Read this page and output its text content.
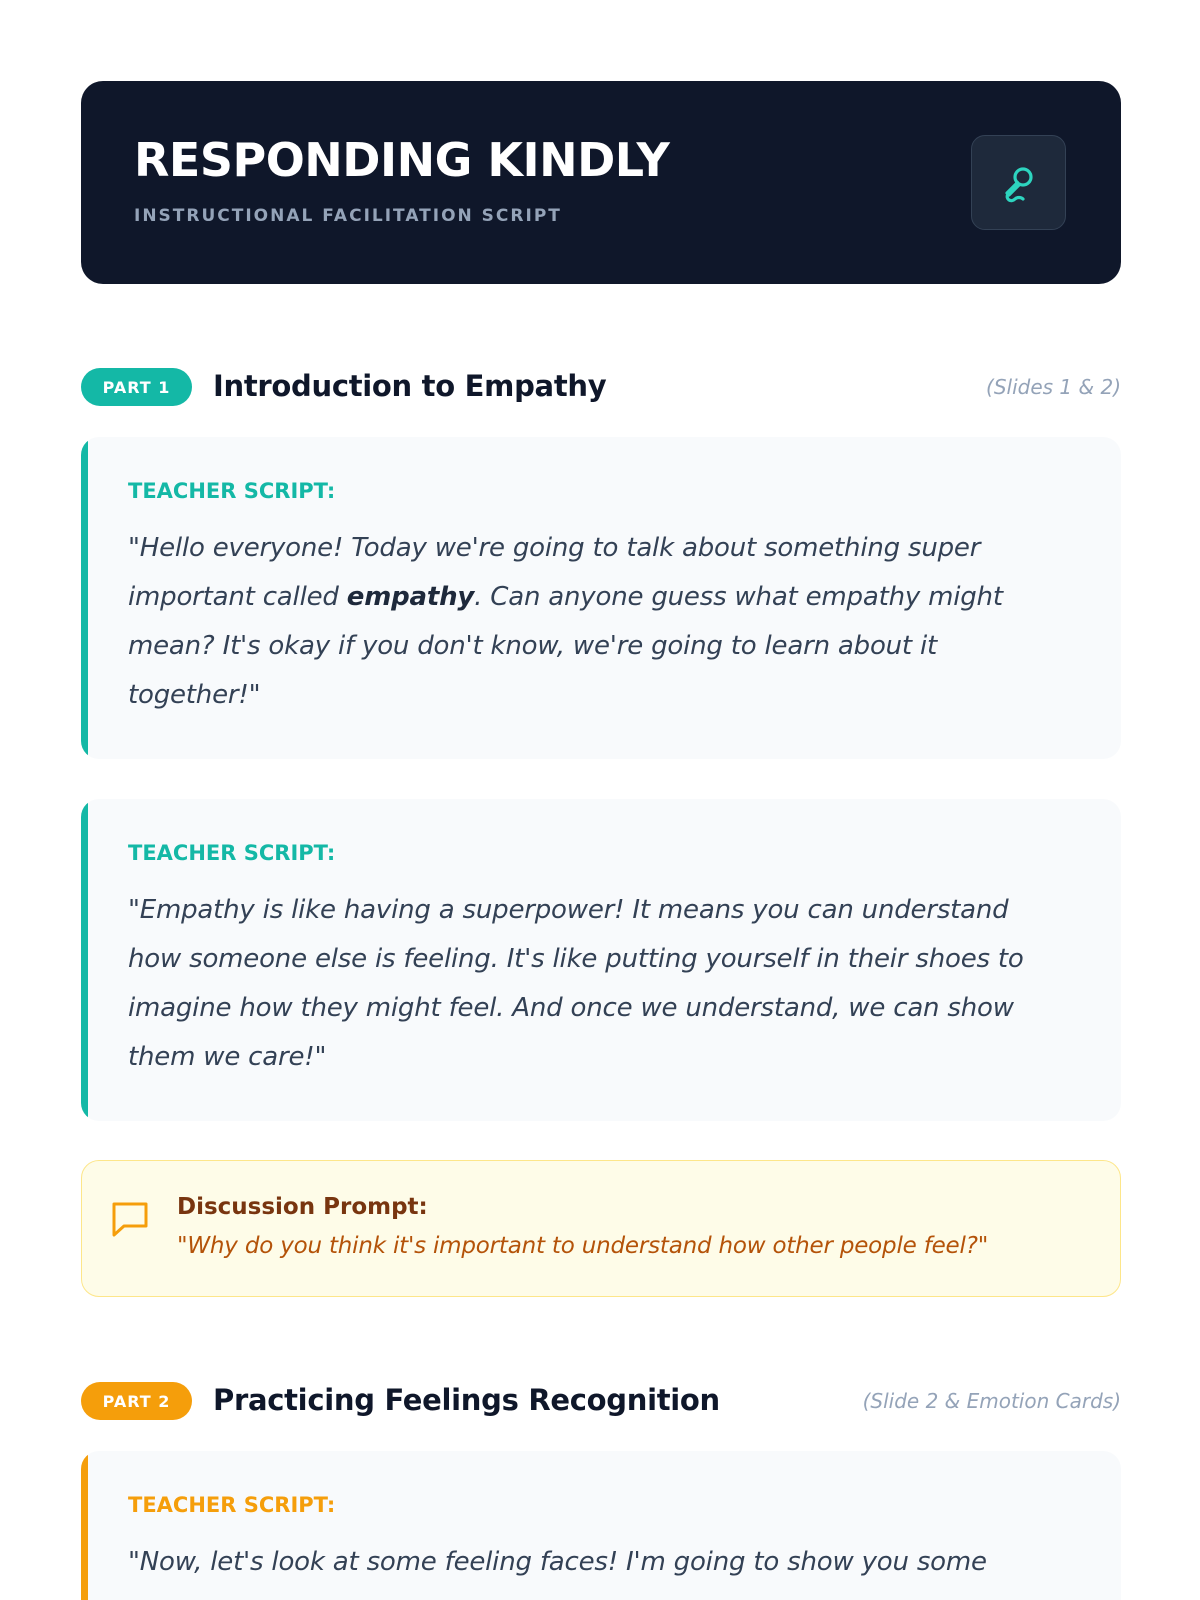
RESPONDING KINDLY
INSTRUCTIONAL FACILITATION SCRIPT
PART 1	Introduction to Empathy	(Slides 1 & 2)
TEACHER SCRIPT:

"Hello everyone! Today we're going to talk about something super important called empathy. Can anyone guess what empathy might mean? It's okay if you don't know, we're going to learn about it together!"

TEACHER SCRIPT:

"Empathy is like having a superpower! It means you can understand how someone else is feeling. It's like putting yourself in their shoes to imagine how they might feel. And once we understand, we can show them we care!"

Discussion Prompt:
"Why do you think it's important to understand how other people feel?"
PART 2	Practicing Feelings Recognition	(Slide 2 & Emotion Cards)
TEACHER SCRIPT:

"Now, let's look at some feeling faces! I'm going to show you some
